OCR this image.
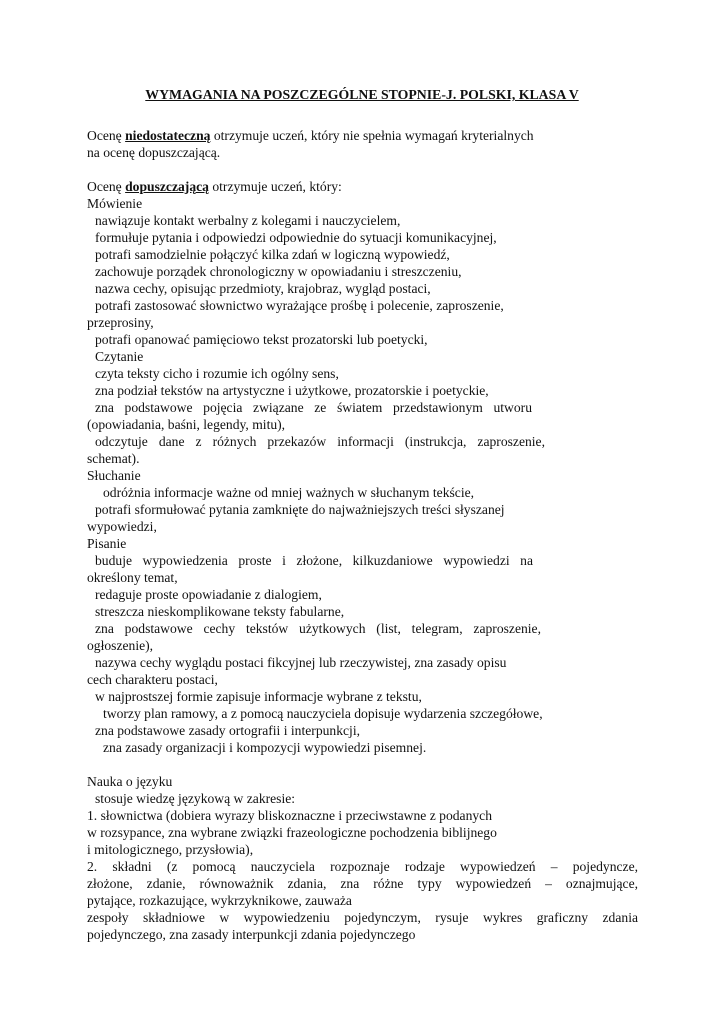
WYMAGANIA NA POSZCZEGÓLNE STOPNIE-J. POLSKI, KLASA V
Ocenę niedostateczną otrzymuje uczeń, który nie spełnia wymagań kryterialnych
na ocenę dopuszczającą.
Ocenę dopuszczającą otrzymuje uczeń, który:
Mówienie
nawiązuje kontakt werbalny z kolegami i nauczycielem,
formułuje pytania i odpowiedzi odpowiednie do sytuacji komunikacyjnej,
potrafi samodzielnie połączyć kilka zdań w logiczną wypowiedź,
zachowuje porządek chronologiczny w opowiadaniu i streszczeniu,
nazwa cechy, opisując przedmioty, krajobraz, wygląd postaci,
potrafi zastosować słownictwo wyrażające prośbę i polecenie, zaproszenie,
przeprosiny,
potrafi opanować pamięciowo tekst prozatorski lub poetycki,
Czytanie
czyta teksty cicho i rozumie ich ogólny sens,
zna podział tekstów na artystyczne i użytkowe, prozatorskie i poetyckie,
zna podstawowe pojęcia związane ze światem przedstawionym utworu
(opowiadania, baśni, legendy, mitu),
odczytuje dane z różnych przekazów informacji (instrukcja, zaproszenie,
schemat).
Słuchanie
odróżnia informacje ważne od mniej ważnych w słuchanym tekście,
potrafi sformułować pytania zamknięte do najważniejszych treści słyszanej
wypowiedzi,
Pisanie
buduje wypowiedzenia proste i złożone, kilkuzdaniowe wypowiedzi na
określony temat,
redaguje proste opowiadanie z dialogiem,
streszcza nieskomplikowane teksty fabularne,
zna podstawowe cechy tekstów użytkowych (list, telegram, zaproszenie,
ogłoszenie),
nazywa cechy wyglądu postaci fikcyjnej lub rzeczywistej, zna zasady opisu
cech charakteru postaci,
w najprostszej formie zapisuje informacje wybrane z tekstu,
tworzy plan ramowy, a z pomocą nauczyciela dopisuje wydarzenia szczegółowe,
zna podstawowe zasady ortografii i interpunkcji,
zna zasady organizacji i kompozycji wypowiedzi pisemnej.
Nauka o języku
stosuje wiedzę językową w zakresie:
1. słownictwa (dobiera wyrazy bliskoznaczne i przeciwstawne z podanych
w rozsypance, zna wybrane związki frazeologiczne pochodzenia biblijnego
i mitologicznego, przysłowia),
2. składni (z pomocą nauczyciela rozpoznaje rodzaje wypowiedzeń – pojedyncze,
złożone, zdanie, równoważnik zdania, zna różne typy wypowiedzeń – oznajmujące,
pytające, rozkazujące, wykrzyknikowe, zauważa
zespoły składniowe w wypowiedzeniu pojedynczym, rysuje wykres graficzny zdania
pojedynczego, zna zasady interpunkcji zdania pojedynczego
